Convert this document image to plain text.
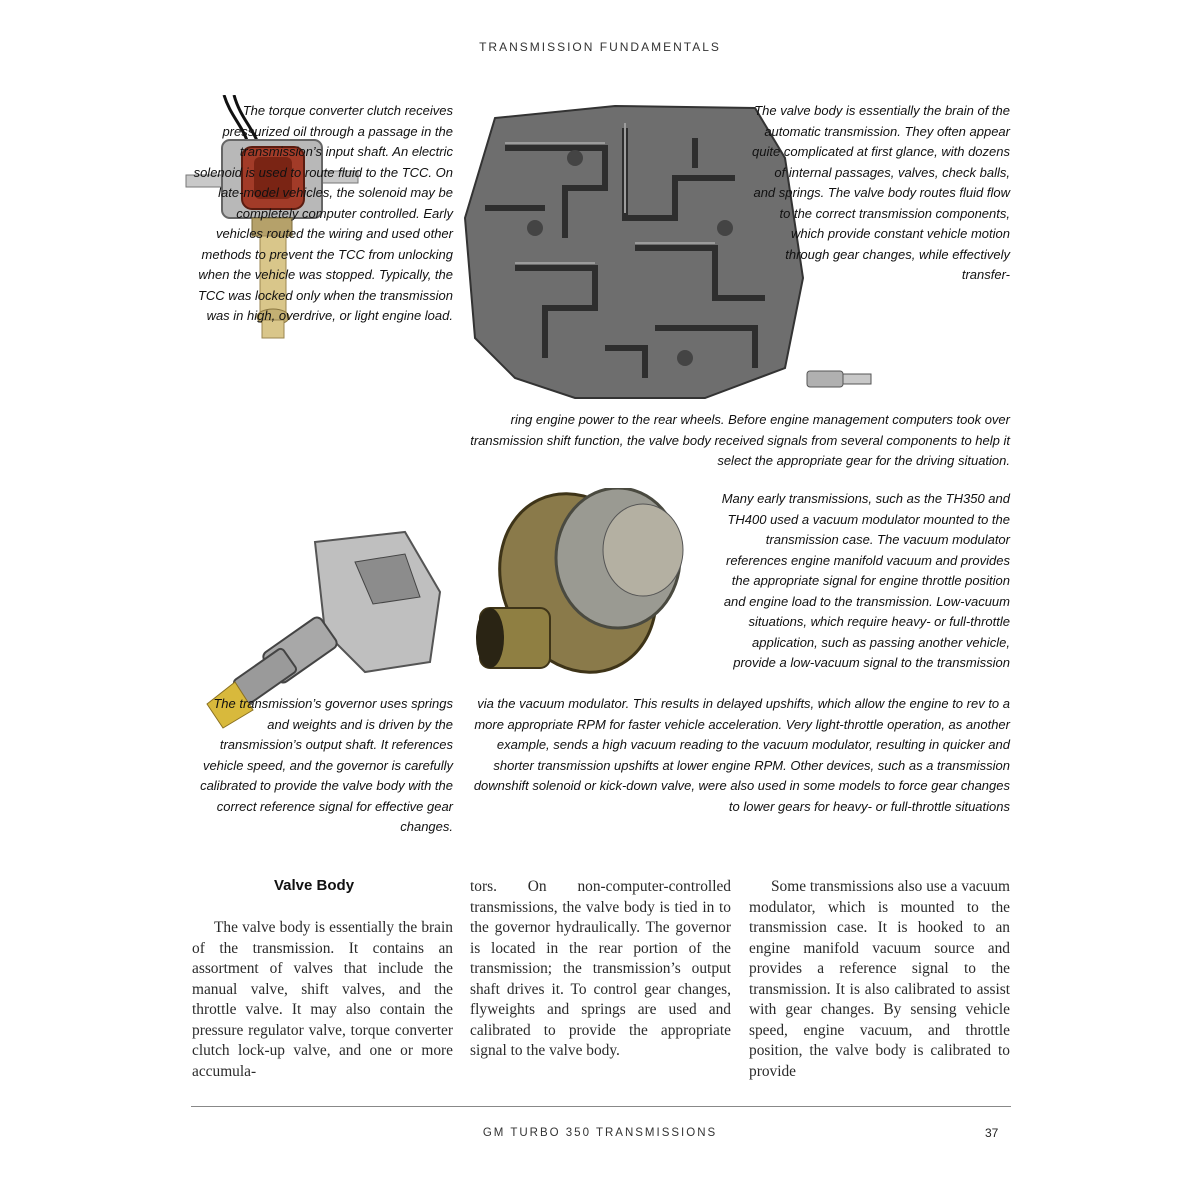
TRANSMISSION FUNDAMENTALS

The torque converter clutch receives pressurized oil through a passage in the transmission’s input shaft. An electric solenoid is used to route fluid to the TCC. On late-model vehicles, the solenoid may be completely computer controlled. Early vehicles routed the wiring and used other methods to prevent the TCC from unlocking when the vehicle was stopped. Typically, the TCC was locked only when the transmission was in high, overdrive, or light engine load.

The valve body is essentially the brain of the automatic transmission. They often appear quite complicated at first glance, with dozens of internal passages, valves, check balls, and springs. The valve body routes fluid flow to the correct transmission components, which provide constant vehicle motion through gear changes, while effectively transfer-

ring engine power to the rear wheels. Before engine management computers took over transmission shift function, the valve body received signals from several components to help it select the appropriate gear for the driving situation.

Many early transmissions, such as the TH350 and TH400 used a vacuum modulator mounted to the transmission case. The vacuum modulator references engine manifold vacuum and provides the appropriate signal for engine throttle position and engine load to the transmission. Low-vacuum situations, which require heavy- or full-throttle application, such as passing another vehicle, provide a low-vacuum signal to the transmission

via the vacuum modulator. This results in delayed upshifts, which allow the engine to rev to a more appropriate RPM for faster vehicle acceleration. Very light-throttle operation, as another example, sends a high vacuum reading to the vacuum modulator, resulting in quicker and shorter transmission upshifts at lower engine RPM. Other devices, such as a transmission downshift solenoid or kick-down valve, were also used in some models to force gear changes to lower gears for heavy- or full-throttle situations

The transmission’s governor uses springs and weights and is driven by the transmission’s output shaft. It references vehicle speed, and the governor is carefully calibrated to provide the valve body with the correct reference signal for effective gear changes.

Valve Body

The valve body is essentially the brain of the transmission. It contains an assortment of valves that include the manual valve, shift valves, and the throttle valve. It may also contain the pressure regulator valve, torque converter clutch lock-up valve, and one or more accumula-

tors. On non-computer-controlled transmissions, the valve body is tied in to the governor hydraulically. The governor is located in the rear portion of the transmission; the transmission’s output shaft drives it. To control gear changes, flyweights and springs are used and calibrated to provide the appropriate signal to the valve body.

Some transmissions also use a vacuum modulator, which is mounted to the transmission case. It is hooked to an engine manifold vacuum source and provides a reference signal to the transmission. It is also calibrated to assist with gear changes. By sensing vehicle speed, engine vacuum, and throttle position, the valve body is calibrated to provide

GM TURBO 350 TRANSMISSIONS	37
